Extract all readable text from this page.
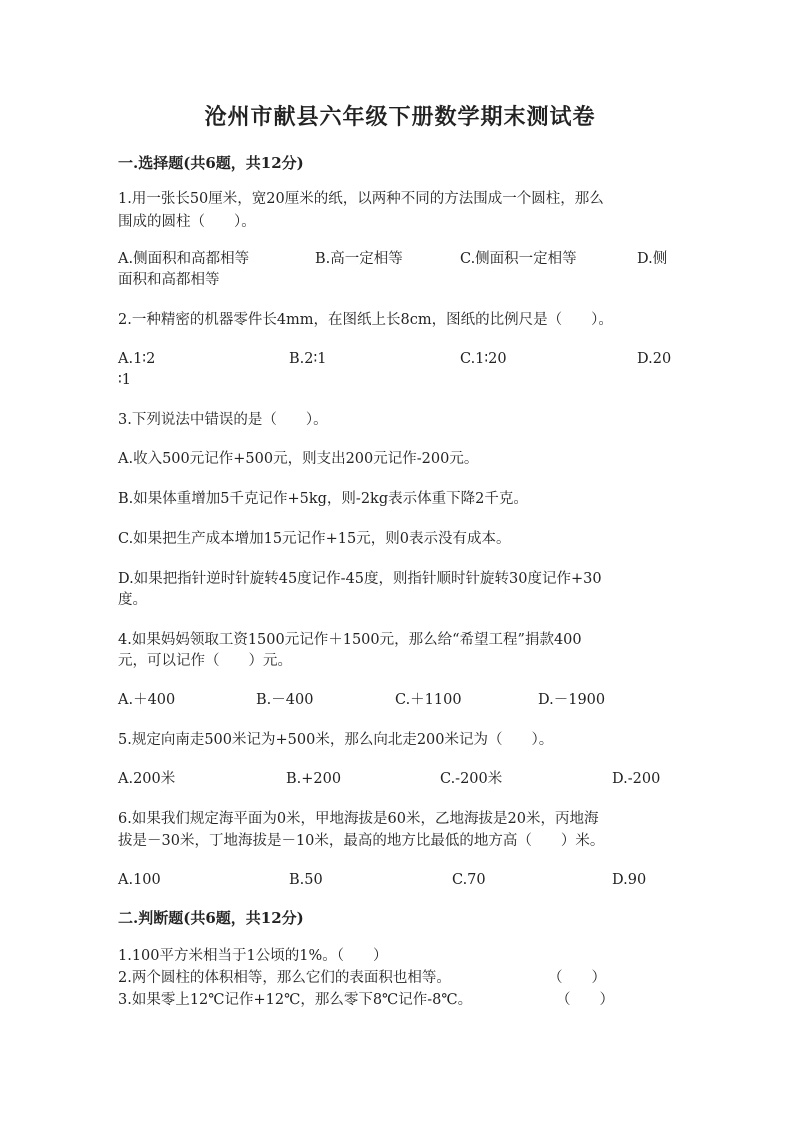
沧州市献县六年级下册数学期末测试卷
一.选择题(共6题，共12分)
1.用一张长50厘米，宽20厘米的纸，以两种不同的方法围成一个圆柱，那么
围成的圆柱（　　）。
A.侧面积和高都相等	B.高一定相等	C.侧面积一定相等	D.侧
面积和高都相等
2.一种精密的机器零件长4mm，在图纸上长8cm，图纸的比例尺是（　　）。
A.1∶2	B.2∶1	C.1∶20	D.20
∶1
3.下列说法中错误的是（　　）。
A.收入500元记作+500元，则支出200元记作-200元。
B.如果体重增加5千克记作+5kg，则-2kg表示体重下降2千克。
C.如果把生产成本增加15元记作+15元，则0表示没有成本。
D.如果把指针逆时针旋转45度记作-45度，则指针顺时针旋转30度记作+30
度。
4.如果妈妈领取工资1500元记作＋1500元，那么给“希望工程”捐款400
元，可以记作（　　）元。
A.＋400	B.－400	C.＋1100	D.－1900
5.规定向南走500米记为+500米，那么向北走200米记为（　　）。
A.200米	B.+200	C.-200米	D.-200
6.如果我们规定海平面为0米，甲地海拔是60米，乙地海拔是20米，丙地海
拔是－30米，丁地海拔是－10米，最高的地方比最低的地方高（　　）米。
A.100	B.50	C.70	D.90
二.判断题(共6题，共12分)
1.100平方米相当于1公顷的1%。（　　）
2.两个圆柱的体积相等，那么它们的表面积也相等。	（　　）
3.如果零上12℃记作+12℃，那么零下8℃记作-8℃。	（　　）
